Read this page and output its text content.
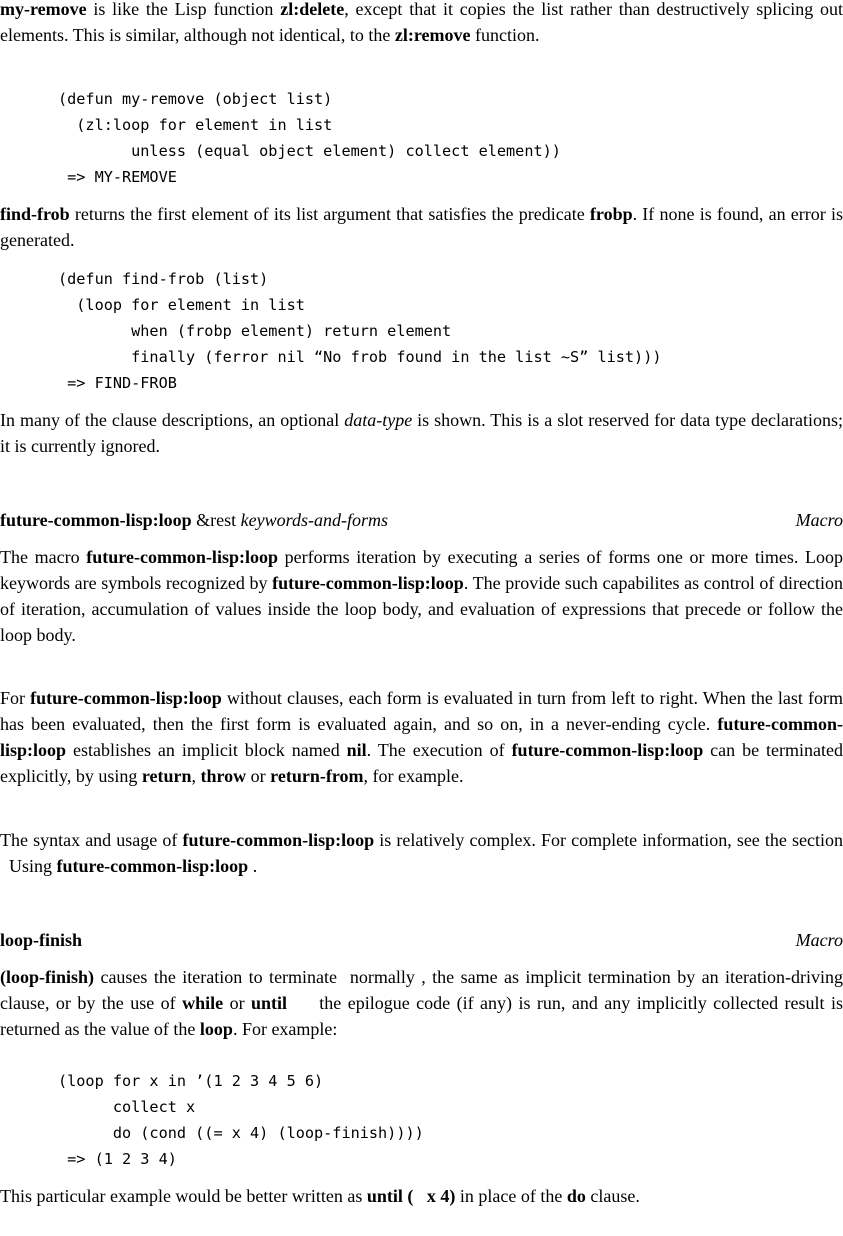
my-remove is like the Lisp function zl:delete, except that it copies the list rather than destructively splicing out elements. This is similar, although not identical, to the zl:remove function.

(defun my-remove (object list)
(zl:loop for element in list
unless (equal object element) collect element))
=> MY-REMOVE

find-frob returns the first element of its list argument that satisfies the predicate frobp. If none is found, an error is generated.

(defun find-frob (list)
(loop for element in list
when (frobp element) return element
finally (ferror nil “No frob found in the list ~S” list)))
=> FIND-FROB

In many of the clause descriptions, an optional data-type is shown. This is a slot reserved for data type declarations; it is currently ignored.

future-common-lisp:loop &rest keywords-and-forms	Macro

The macro future-common-lisp:loop performs iteration by executing a series of forms one or more times. Loop keywords are symbols recognized by future-common-lisp:loop. The provide such capabilites as control of direction of iteration, accumulation of values inside the loop body, and evaluation of expressions that precede or follow the loop body.

For future-common-lisp:loop without clauses, each form is evaluated in turn from left to right. When the last form has been evaluated, then the first form is evaluated again, and so on, in a never-ending cycle. future-common-lisp:loop establishes an implicit block named nil. The execution of future-common-lisp:loop can be terminated explicitly, by using return, throw or return-from, for example.

The syntax and usage of future-common-lisp:loop is relatively complex. For complete information, see the section   Using future-common-lisp:loop .

loop-finish	Macro

(loop-finish) causes the iteration to terminate  normally , the same as implicit termination by an iteration-driving clause, or by the use of while or until     the epilogue code (if any) is run, and any implicitly collected result is returned as the value of the loop. For example:

(loop for x in ’(1 2 3 4 5 6)
collect x
do (cond ((= x 4) (loop-finish))))
=> (1 2 3 4)

This particular example would be better written as until (   x 4) in place of the do clause.
